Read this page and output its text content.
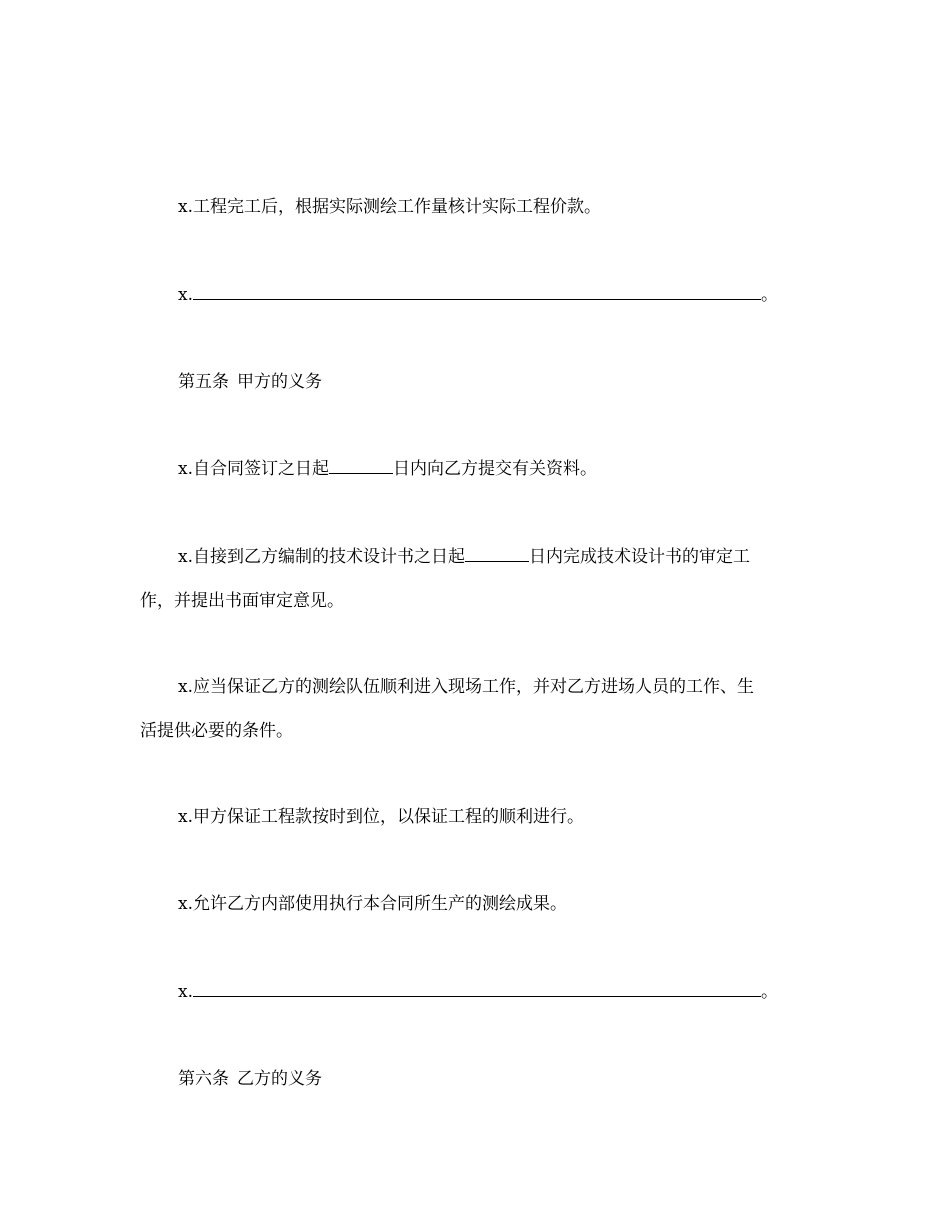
x.工程完工后，根据实际测绘工作量核计实际工程价款。
x.	。
第五条 甲方的义务
x.自合同签订之日起	日内向乙方提交有关资料。
x.自接到乙方编制的技术设计书之日起	日内完成技术设计书的审定工
作，并提出书面审定意见。
x.应当保证乙方的测绘队伍顺利进入现场工作，并对乙方进场人员的工作、生
活提供必要的条件。
x.甲方保证工程款按时到位，以保证工程的顺利进行。
x.允许乙方内部使用执行本合同所生产的测绘成果。
x.	。
第六条 乙方的义务
